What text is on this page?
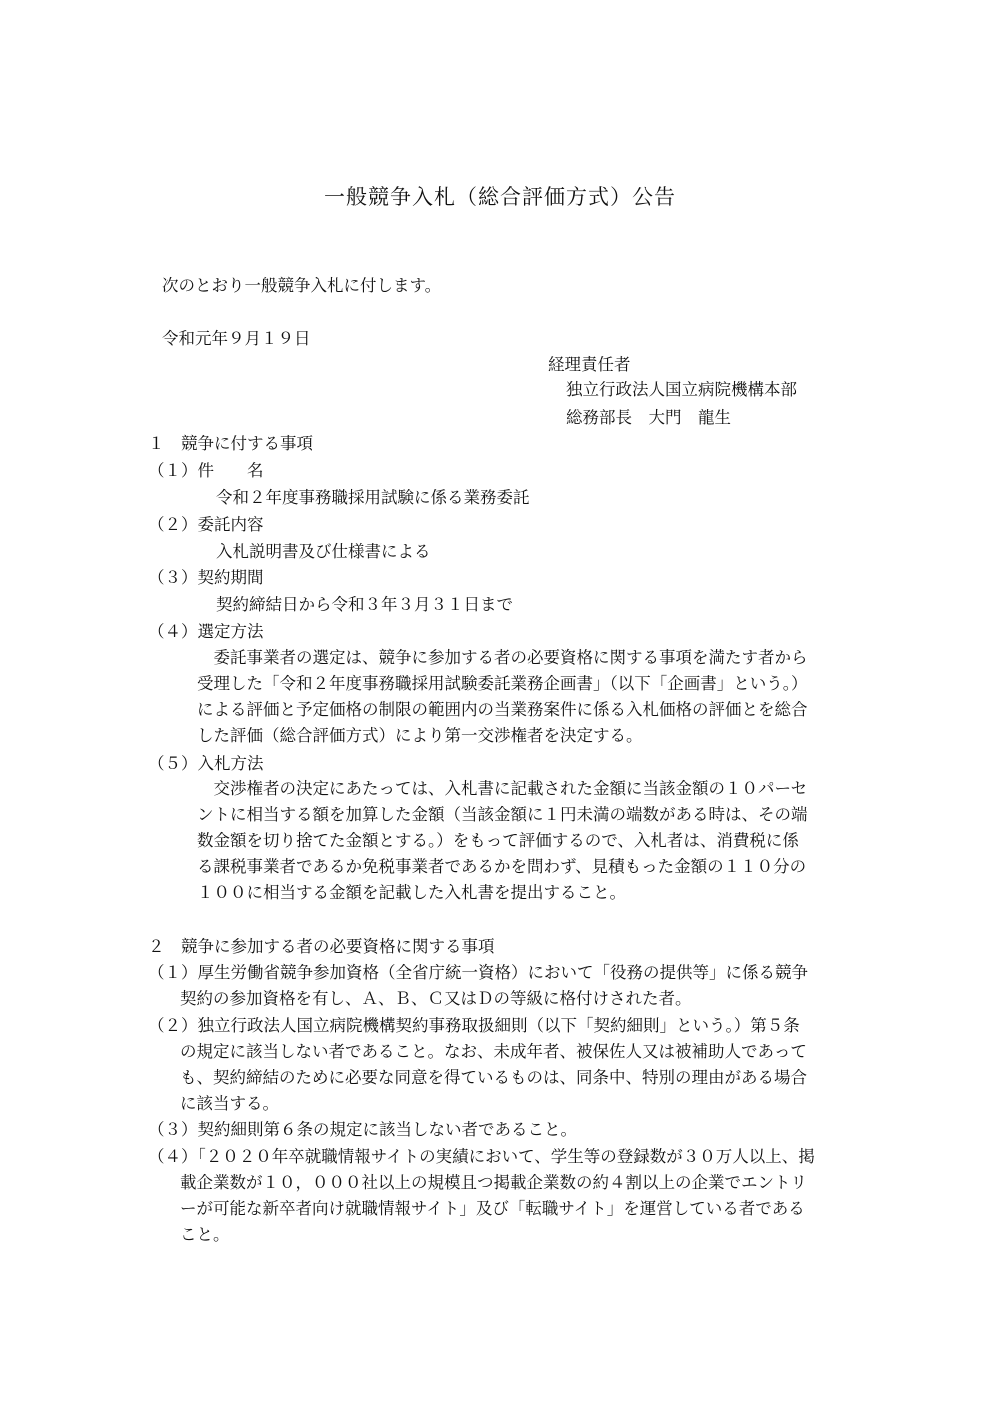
一般競争入札（総合評価方式）公告
次のとおり一般競争入札に付します。
令和元年９月１９日
経理責任者
独立行政法人国立病院機構本部
総務部長　大門　龍生
１　競争に付する事項
（１）件　　名
令和２年度事務職採用試験に係る業務委託
（２）委託内容
入札説明書及び仕様書による
（３）契約期間
契約締結日から令和３年３月３１日まで
（４）選定方法
　委託事業者の選定は、競争に参加する者の必要資格に関する事項を満たす者から
受理した「令和２年度事務職採用試験委託業務企画書」（以下「企画書」という。）
による評価と予定価格の制限の範囲内の当業務案件に係る入札価格の評価とを総合
した評価（総合評価方式）により第一交渉権者を決定する。
（５）入札方法
　交渉権者の決定にあたっては、入札書に記載された金額に当該金額の１０パーセ
ントに相当する額を加算した金額（当該金額に１円未満の端数がある時は、その端
数金額を切り捨てた金額とする。）をもって評価するので、入札者は、消費税に係
る課税事業者であるか免税事業者であるかを問わず、見積もった金額の１１０分の
１００に相当する金額を記載した入札書を提出すること。
２　競争に参加する者の必要資格に関する事項
（１）厚生労働省競争参加資格（全省庁統一資格）において「役務の提供等」に係る競争
契約の参加資格を有し、Ａ、Ｂ、Ｃ又はＤの等級に格付けされた者。
（２）独立行政法人国立病院機構契約事務取扱細則（以下「契約細則」という。）第５条
の規定に該当しない者であること。なお、未成年者、被保佐人又は被補助人であって
も、契約締結のために必要な同意を得ているものは、同条中、特別の理由がある場合
に該当する。
（３）契約細則第６条の規定に該当しない者であること。
（４）「２０２０年卒就職情報サイトの実績において、学生等の登録数が３０万人以上、掲
載企業数が１０，０００社以上の規模且つ掲載企業数の約４割以上の企業でエントリ
ーが可能な新卒者向け就職情報サイト」及び「転職サイト」を運営している者である
こと。
